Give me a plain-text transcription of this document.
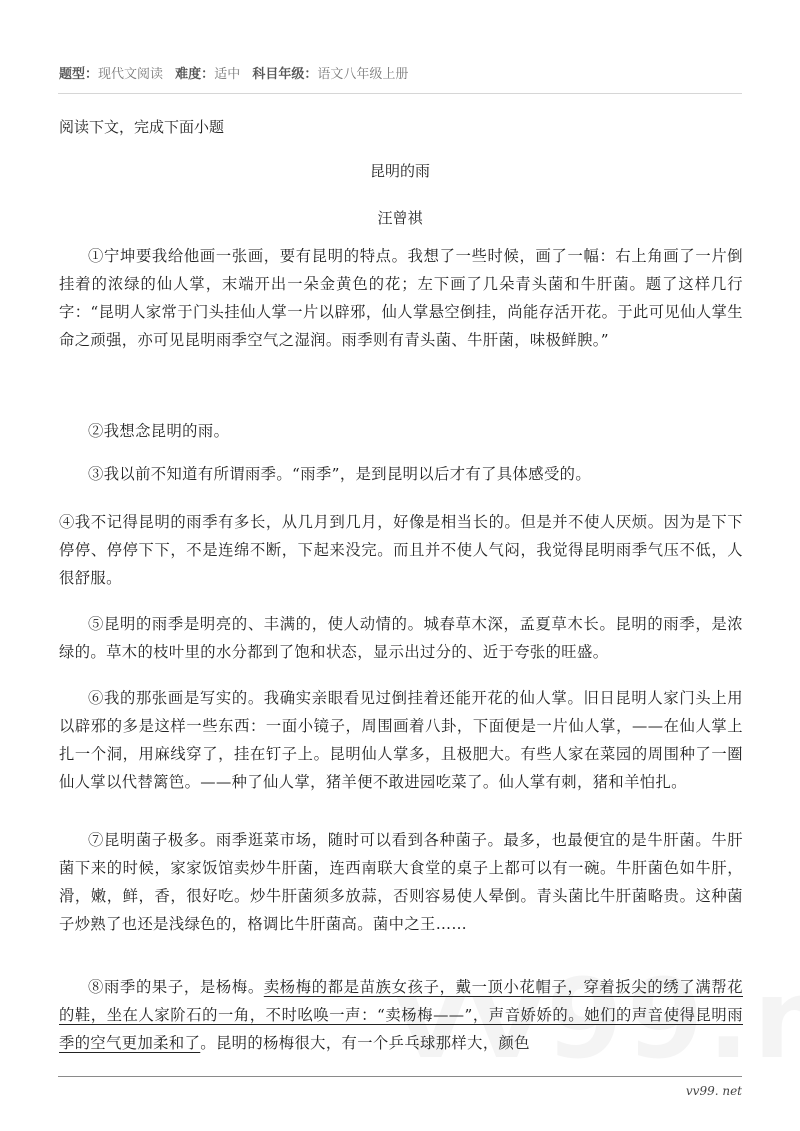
题型：现代文阅读 难度：适中 科目年级：语文八年级上册
阅读下文，完成下面小题
昆明的雨
汪曾祺
①宁坤要我给他画一张画，要有昆明的特点。我想了一些时候，画了一幅：右上角画了一片倒挂着的浓绿的仙人掌，末端开出一朵金黄色的花；左下画了几朵青头菌和牛肝菌。题了这样几行字：“昆明人家常于门头挂仙人掌一片以辟邪，仙人掌悬空倒挂，尚能存活开花。于此可见仙人掌生命之顽强，亦可见昆明雨季空气之湿润。雨季则有青头菌、牛肝菌，味极鲜腴。”
②我想念昆明的雨。
③我以前不知道有所谓雨季。“雨季”，是到昆明以后才有了具体感受的。
④我不记得昆明的雨季有多长，从几月到几月，好像是相当长的。但是并不使人厌烦。因为是下下停停、停停下下，不是连绵不断，下起来没完。而且并不使人气闷，我觉得昆明雨季气压不低，人很舒服。
⑤昆明的雨季是明亮的、丰满的，使人动情的。城春草木深，孟夏草木长。昆明的雨季，是浓绿的。草木的枝叶里的水分都到了饱和状态，显示出过分的、近于夸张的旺盛。
⑥我的那张画是写实的。我确实亲眼看见过倒挂着还能开花的仙人掌。旧日昆明人家门头上用以辟邪的多是这样一些东西：一面小镜子，周围画着八卦，下面便是一片仙人掌，——在仙人掌上扎一个洞，用麻线穿了，挂在钉子上。昆明仙人掌多，且极肥大。有些人家在菜园的周围种了一圈仙人掌以代替篱笆。——种了仙人掌，猪羊便不敢进园吃菜了。仙人掌有刺，猪和羊怕扎。
⑦昆明菌子极多。雨季逛菜市场，随时可以看到各种菌子。最多，也最便宜的是牛肝菌。牛肝菌下来的时候，家家饭馆卖炒牛肝菌，连西南联大食堂的桌子上都可以有一碗。牛肝菌色如牛肝，滑，嫩，鲜，香，很好吃。炒牛肝菌须多放蒜，否则容易使人晕倒。青头菌比牛肝菌略贵。这种菌子炒熟了也还是浅绿色的，格调比牛肝菌高。菌中之王……
⑧雨季的果子，是杨梅。卖杨梅的都是苗族女孩子，戴一顶小花帽子，穿着扳尖的绣了满帮花的鞋，坐在人家阶石的一角，不时吆唤一声：“卖杨梅——”，声音娇娇的。她们的声音使得昆明雨季的空气更加柔和了。昆明的杨梅很大，有一个乒乓球那样大，颜色
vv99. net
